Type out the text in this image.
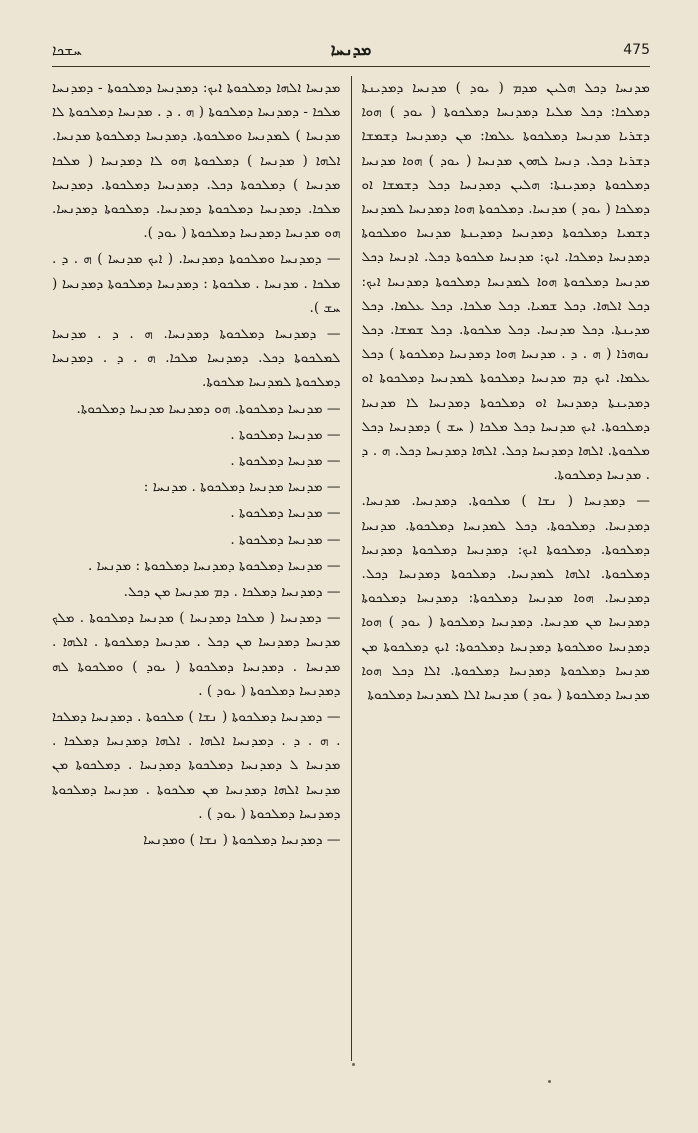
ܚܫܟܐ	ܡܕܢܚܐ	475

ܡܕܢܚܐ ܐܠܗܐ ܕܡܠܟܘܬܐ ܐܝܟ: ܕܡܕܢܚܐ ܕܡܠܟܘܬܐ - ܕܡܕܢܚܐ ܡܠܟܐ - ܕܡܕܢܚܐ ܕܡܠܟܘܬܐ ( ܗ . ܕ . ܡܕܢܚܐ ܕܡܠܟܘܬܐ ܠܐ ܡܕܢܚܐ ) ܠܡܕܢܚܐ ܘܡܠܟܘܬܐ. ܕܡܕܢܚܐ ܕܡܠܟܘܬܐ ܡܕܢܚܐ. ܐܠܗܐ ( ܡܕܢܚܐ ) ܕܡܠܟܘܬܐ ܗܘ ܠܐ ܕܡܕܢܚܐ ( ܡܠܟܐ ܡܕܢܚܐ ) ܕܡܠܟܘܬܐ ܕܟܠ. ܕܡܕܢܚܐ ܕܡܠܟܘܬܐ. ܕܡܕܢܚܐ ܡܠܟܐ. ܕܡܕܢܚܐ ܕܡܠܟܘܬܐ ܕܡܕܢܚܐ. ܕܡܠܟܘܬܐ ܕܡܕܢܚܐ. ܗܘ ܡܕܢܚܐ ܕܡܕܢܚܐ ܕܡܠܟܘܬܐ ( ܝܘܕ ).

— ܕܡܕܢܚܐ ܘܡܠܟܘܬܐ ܕܡܕܢܚܐ. ( ܐܝܟ ܡܕܢܚܐ ) ܗ . ܕ . ܡܠܟܐ . ܡܕܢܚܐ . ܡܠܟܘܬܐ : ܕܡܕܢܚܐ ܕܡܠܟܘܬܐ ܕܡܕܢܚܐ ( ܚܫ ).

— ܕܡܕܢܚܐ ܕܡܠܟܘܬܐ ܕܡܕܢܚܐ. ܗ . ܕ . ܡܕܢܚܐ ܠܡܠܟܘܬܐ ܕܟܠ. ܕܡܕܢܚܐ ܡܠܟܐ. ܗ . ܕ . ܕܡܕܢܚܐ ܕܡܠܟܘܬܐ ܠܡܕܢܚܐ ܡܠܟܘܬܐ.

— ܡܕܢܚܐ ܕܡܠܟܘܬܐ. ܗܘ ܕܡܕܢܚܐ ܡܕܢܚܐ ܕܡܠܟܘܬܐ.

— ܡܕܢܚܐ ܕܡܠܟܘܬܐ .

— ܡܕܢܚܐ ܕܡܠܟܘܬܐ .

— ܡܕܢܚܐ ܡܕܢܚܐ ܕܡܠܟܘܬܐ . ܡܕܢܚܐ :

— ܡܕܢܚܐ ܕܡܠܟܘܬܐ .

— ܡܕܢܚܐ ܕܡܠܟܘܬܐ .

— ܡܕܢܚܐ ܕܡܠܟܘܬܐ ܕܡܕܢܚܐ ܕܡܠܟܘܬܐ : ܡܕܢܚܐ .

— ܕܡܕܢܚܐ ܕܡܠܟܐ . ܕܡ ܡܕܢܚܐ ܡܢ ܕܟܠ.

— ܕܡܕܢܚܐ ( ܡܠܟܐ ܕܡܕܢܚܐ ) ܡܕܢܚܐ ܕܡܠܟܘܬܐ . ܡܠܟ ܡܕܢܚܐ ܕܡܕܢܚܐ ܡܢ ܕܟܠ . ܡܕܢܚܐ ܕܡܠܟܘܬܐ . ܐܠܗܐ . ܡܕܢܚܐ . ܕܡܕܢܚܐ ܕܡܠܟܘܬܐ ( ܝܘܕ ) ܘܡܠܟܘܬܐ ܠܗ ܕܡܕܢܚܐ ܕܡܠܟܘܬܐ ( ܝܘܕ ) .

— ܕܡܕܢܚܐ ܕܡܠܟܘܬܐ ( ܢܫܐ ) ܡܠܟܘܬܐ . ܕܡܕܢܚܐ ܕܡܠܟܐ . ܗ . ܕ . ܕܡܕܢܚܐ ܐܠܗܐ . ܐܠܗܐ ܕܡܕܢܚܐ ܕܡܠܟܐ . ܡܕܢܚܐ ܠ ܕܡܕܢܚܐ ܕܡܠܟܘܬܐ ܕܡܕܢܚܐ . ܕܡܠܟܘܬܐ ܡܢ ܡܕܢܚܐ ܐܠܗܐ ܕܡܕܢܚܐ ܡܢ ܡܠܟܘܬܐ . ܡܕܢܚܐ ܕܡܠܟܘܬܐ ܕܡܕܢܚܐ ܕܡܠܟܘܬܐ ( ܝܘܕ ) .

— ܕܡܕܢܚܐ ܕܡܠܟܘܬܐ ( ܢܫܐ ) ܘܡܕܢܚܐ

ܡܕܢܚܐ ܕܟܠ ܗܠܝܢ ܡܕܡ ( ܝܘܕ ) ܡܕܢܚܐ ܕܡܕܝܢܬܐ ܕܡܠܟܐ: ܕܟܠ ܡܠܝܐ ܕܡܕܢܚܐ ܕܡܠܟܘܬܐ ( ܝܘܕ ) ܗܘܐ ܕܫܪܝܐ ܡܕܢܚܐ ܕܡܠܟܘܬܐ ܥܠܡܐ: ܡܢ ܕܡܕܢܚܐ ܕܫܡܫܐ ܕܫܪܝܐ ܕܟܠ. ܕܢܚܐ ܠܗܘܢ ܡܕܢܚܐ ( ܝܘܕ ) ܗܘܐ ܡܕܢܚܐ ܕܡܠܟܘܬܐ ܕܡܕܝܢܬܐ: ܗܠܝܢ ܕܡܕܢܚܐ ܕܟܠ ܕܫܡܫܐ ܐܘ ܕܡܠܟܐ ( ܝܘܕ ) ܡܕܢܚܐ. ܕܡܠܟܘܬܐ ܗܘܐ ܕܡܕܢܚܐ ܠܡܕܢܚܐ ܕܫܡܝܐ ܕܡܠܟܘܬܐ ܕܡܕܢܚܐ ܕܡܕܝܢܬܐ ܡܕܢܚܐ ܘܡܠܟܘܬܐ ܕܡܕܢܚܐ ܕܡܠܟܐ. ܐܝܟ: ܡܕܢܚܐ ܡܠܟܘܬܐ ܕܟܠ. ܐܕܢܚܐ ܕܟܠ ܡܕܢܚܐ ܕܡܠܟܘܬܐ ܗܘܐ ܠܡܕܢܚܐ ܕܡܠܟܘܬܐ ܕܡܕܢܚܐ ܐܝܟ: ܕܟܠ ܐܠܗܐ. ܕܟܠ ܫܡܝܐ. ܕܟܠ ܡܠܟܐ. ܕܟܠ ܥܠܡܐ. ܕܟܠ ܡܕܝܢܬܐ. ܕܟܠ ܡܕܢܚܐ. ܕܟܠ ܡܠܟܘܬܐ. ܕܟܠ ܫܡܫܐ. ܕܟܠ ܢܘܗܪܐ ( ܗ . ܕ . ܡܕܢܚܐ ܗܘܐ ܕܡܕܢܚܐ ܕܡܠܟܘܬܐ ) ܕܟܠ ܥܠܡܐ. ܐܝܟ ܕܡ ܡܕܢܚܐ ܕܡܠܟܘܬܐ ܠܡܕܢܚܐ ܕܡܠܟܘܬܐ ܐܘ ܕܡܕܝܢܬܐ ܕܡܕܢܚܐ ܐܘ ܕܡܠܟܘܬܐ ܕܡܕܢܚܐ ܠܐ ܡܕܢܚܐ ܕܡܠܟܘܬܐ. ܐܝܟ ܡܕܢܚܐ ܕܟܠ ܡܠܟܐ ( ܚܫ ) ܕܡܕܢܚܐ ܕܟܠ ܡܠܟܘܬܐ. ܐܠܗܐ ܕܡܕܢܚܐ ܕܟܠ. ܐܠܗܐ ܕܡܕܢܚܐ ܕܟܠ. ܗ . ܕ . ܡܕܢܚܐ ܕܡܠܟܘܬܐ.

— ܕܡܕܢܚܐ ( ܢܫܐ ) ܡܠܟܘܬܐ. ܕܡܕܢܚܐ. ܡܕܢܚܐ. ܕܡܕܢܚܐ. ܕܡܠܟܘܬܐ. ܕܟܠ ܠܡܕܢܚܐ ܕܡܠܟܘܬܐ. ܡܕܢܚܐ ܕܡܠܟܘܬܐ. ܕܡܠܟܘܬܐ ܐܝܟ: ܕܡܕܢܚܐ ܕܡܠܟܘܬܐ ܕܡܕܢܚܐ ܕܡܠܟܘܬܐ. ܐܠܗܐ ܠܡܕܢܚܐ. ܕܡܠܟܘܬܐ ܕܡܕܢܚܐ ܕܟܠ. ܕܡܕܢܚܐ. ܗܘܐ ܡܕܢܚܐ ܕܡܠܟܘܬܐ: ܕܡܕܢܚܐ ܕܡܠܟܘܬܐ ܕܡܕܢܚܐ ܡܢ ܡܕܢܚܐ. ܕܡܕܢܚܐ ܕܡܠܟܘܬܐ ( ܝܘܕ ) ܗܘܐ ܕܡܕܢܚܐ ܘܡܠܟܘܬܐ ܕܡܕܢܚܐ ܕܡܠܟܘܬܐ: ܐܝܟ ܕܡܠܟܘܬܐ ܡܢ ܡܕܢܚܐ ܕܡܠܟܘܬܐ ܕܡܕܢܚܐ ܕܡܠܟܘܬܐ. ܐܠܐ ܕܟܠ ܗܘܐ ܡܕܢܚܐ ܕܡܠܟܘܬܐ ( ܝܘܕ ) ܡܕܢܚܐ ܐܠܐ ܠܡܕܢܚܐ ܕܡܠܟܘܬܐ
